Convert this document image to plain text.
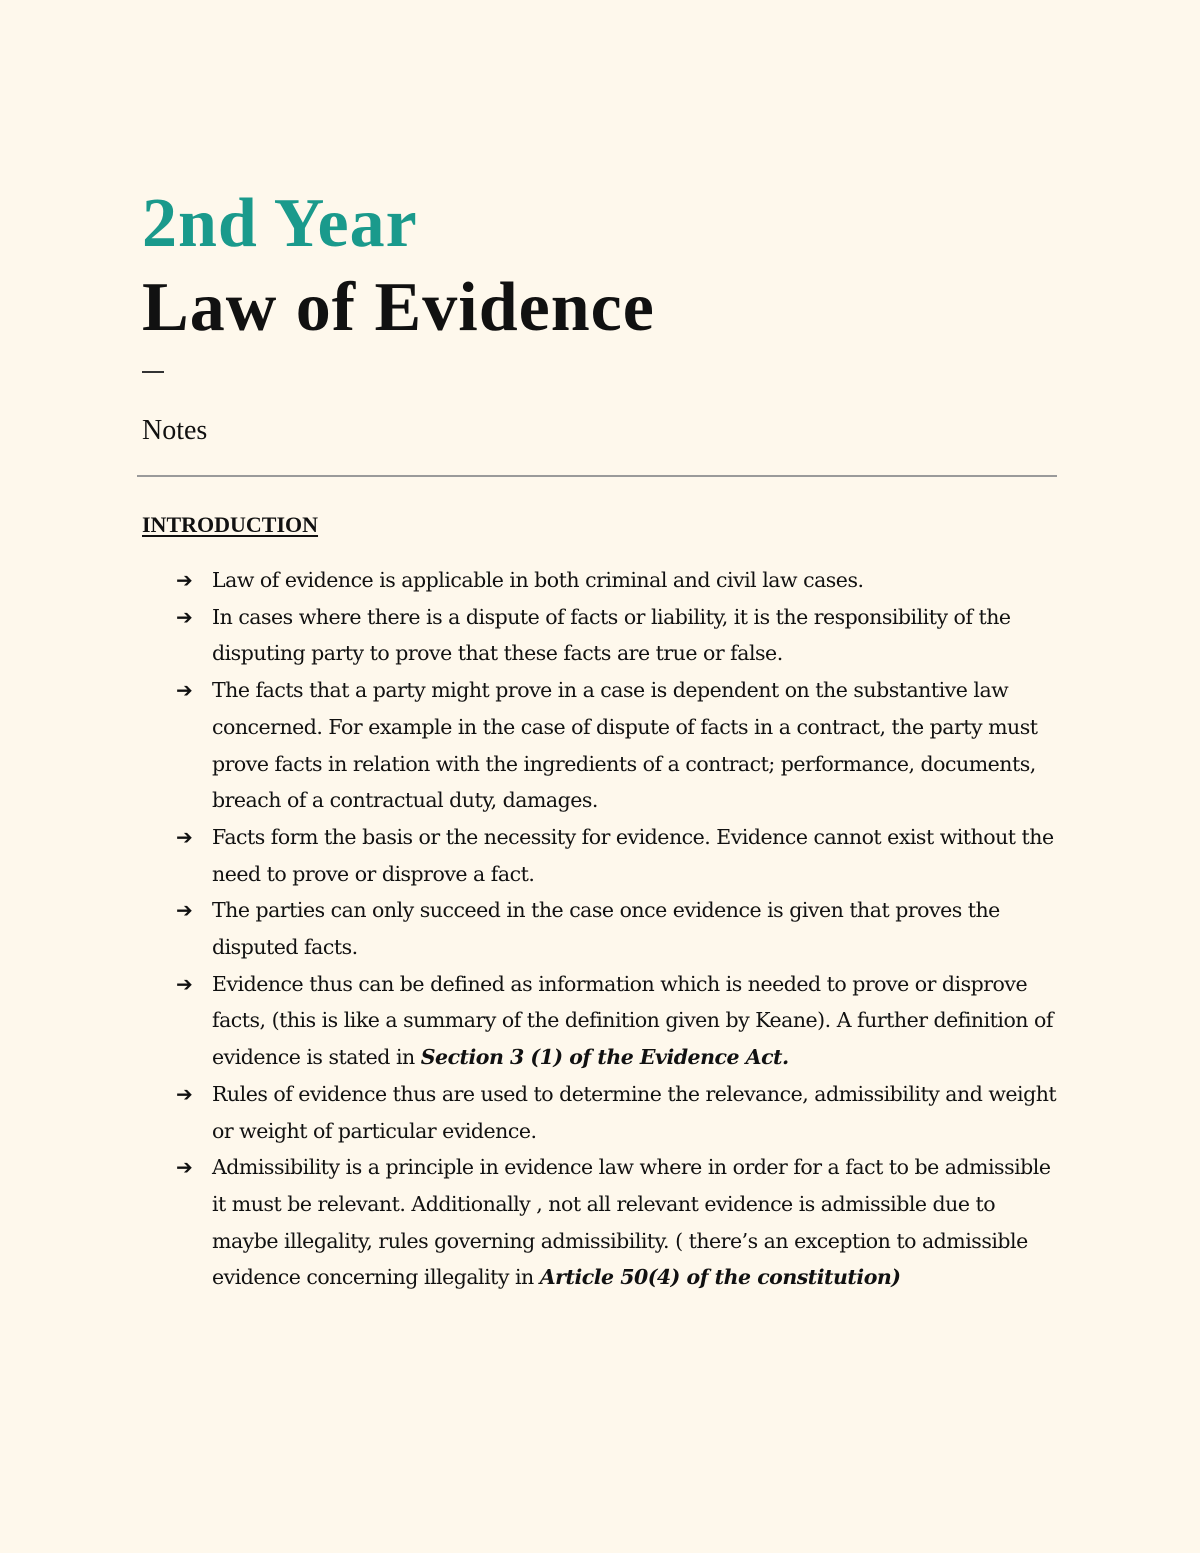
2nd Year
Law of Evidence

Notes

INTRODUCTION
➔ Law of evidence is applicable in both criminal and civil law cases.
➔ In cases where there is a dispute of facts or liability, it is the responsibility of the disputing party to prove that these facts are true or false.
➔ The facts that a party might prove in a case is dependent on the substantive law concerned. For example in the case of dispute of facts in a contract, the party must prove facts in relation with the ingredients of a contract; performance, documents, breach of a contractual duty, damages.
➔ Facts form the basis or the necessity for evidence. Evidence cannot exist without the need to prove or disprove a fact.
➔ The parties can only succeed in the case once evidence is given that proves the disputed facts.
➔ Evidence thus can be defined as information which is needed to prove or disprove facts, (this is like a summary of the definition given by Keane). A further definition of evidence is stated in Section 3 (1) of the Evidence Act.
➔ Rules of evidence thus are used to determine the relevance, admissibility and weight or weight of particular evidence.
➔ Admissibility is a principle in evidence law where in order for a fact to be admissible it must be relevant. Additionally , not all relevant evidence is admissible due to maybe illegality, rules governing admissibility. ( there’s an exception to admissible evidence concerning illegality in Article 50(4) of the constitution)
